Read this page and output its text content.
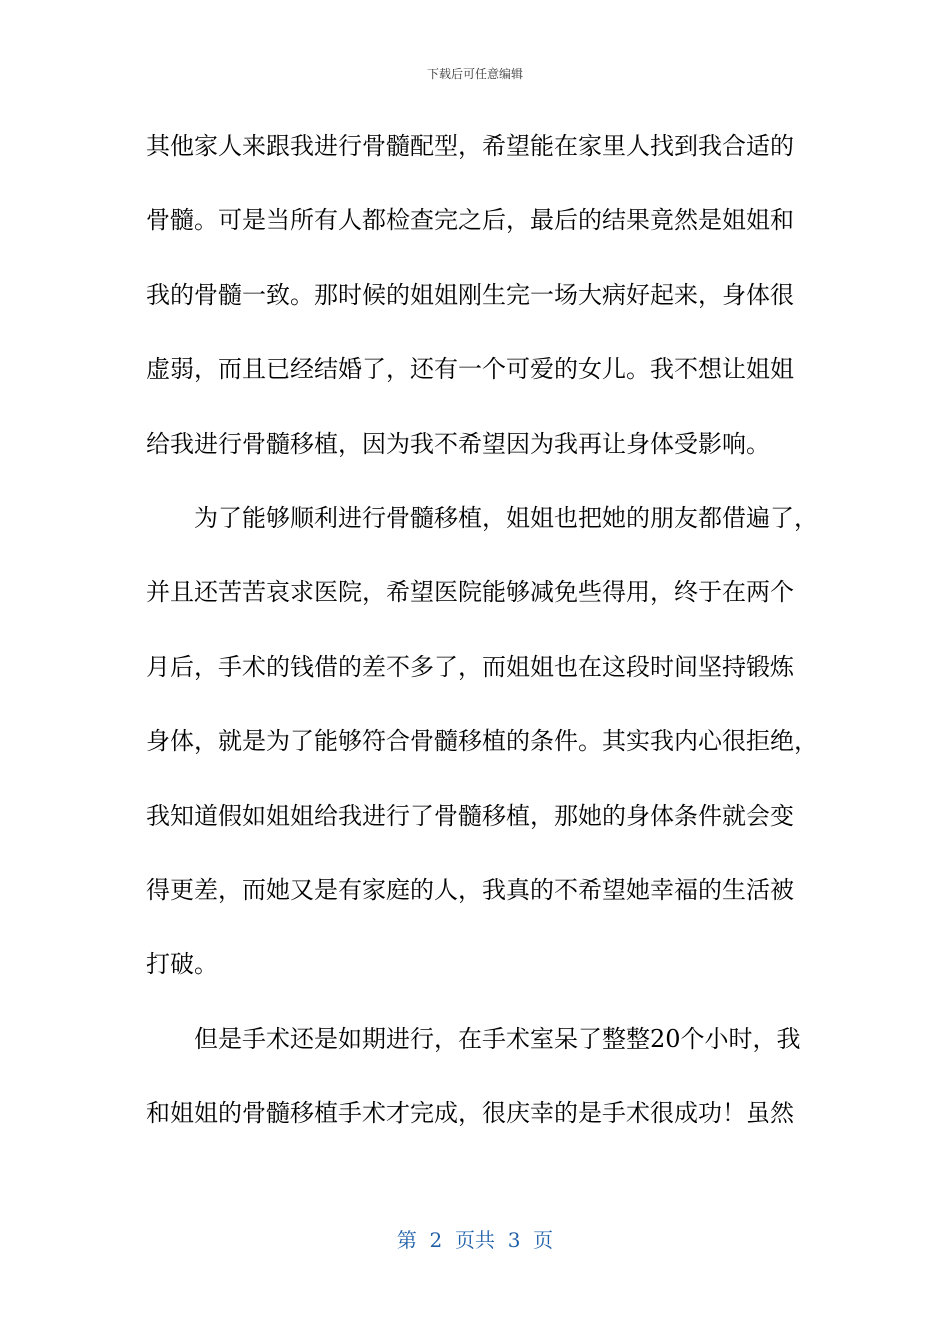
下载后可任意编辑
其他家人来跟我进行骨髓配型，希望能在家里人找到我合适的
骨髓。可是当所有人都检查完之后，最后的结果竟然是姐姐和
我的骨髓一致。那时候的姐姐刚生完一场大病好起来，身体很
虚弱，而且已经结婚了，还有一个可爱的女儿。我不想让姐姐
给我进行骨髓移植，因为我不希望因为我再让身体受影响。
为了能够顺利进行骨髓移植，姐姐也把她的朋友都借遍了，
并且还苦苦哀求医院，希望医院能够减免些得用，终于在两个
月后，手术的钱借的差不多了，而姐姐也在这段时间坚持锻炼
身体，就是为了能够符合骨髓移植的条件。其实我内心很拒绝，
我知道假如姐姐给我进行了骨髓移植，那她的身体条件就会变
得更差，而她又是有家庭的人，我真的不希望她幸福的生活被
打破。
但是手术还是如期进行，在手术室呆了整整20个小时，我
和姐姐的骨髓移植手术才完成，很庆幸的是手术很成功！虽然
第  2  页共  3  页
